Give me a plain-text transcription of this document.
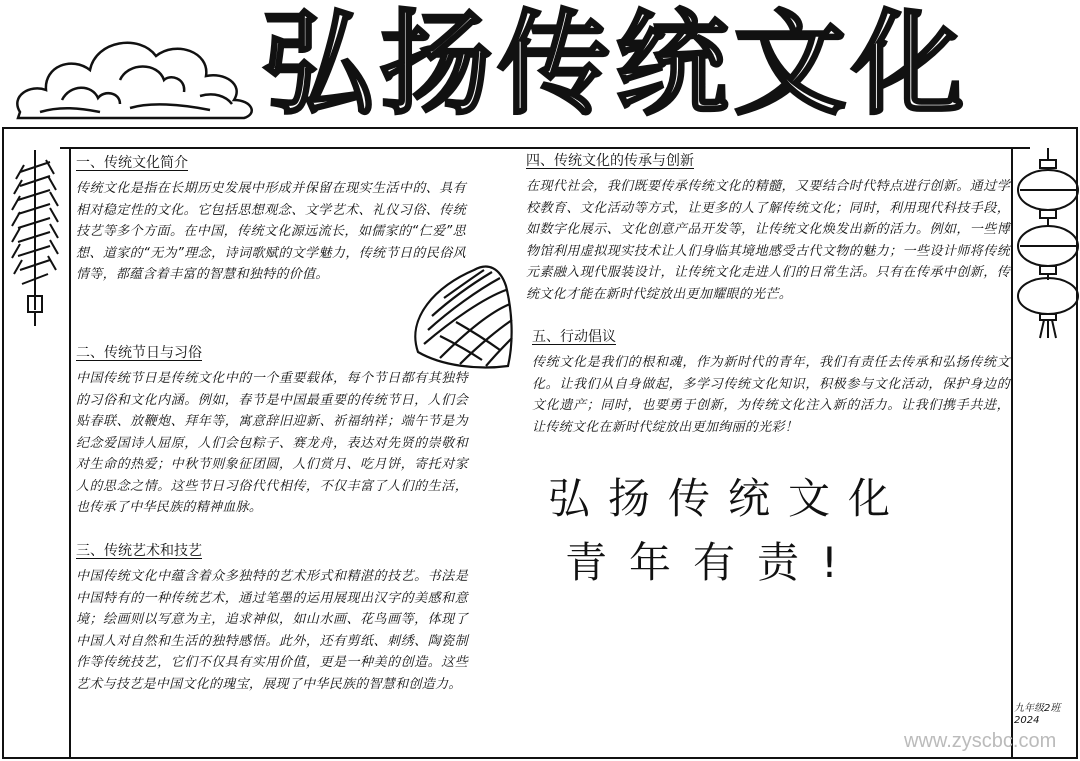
弘 扬 传 统 文 化
一、传统文化简介

传统文化是指在长期历史发展中形成并保留在现实生活中的、具有相对稳定性的文化。它包括思想观念、文学艺术、礼仪习俗、传统技艺等多个方面。在中国，传统文化源远流长，如儒家的“仁爱”思想、道家的“无为”理念，诗词歌赋的文学魅力，传统节日的民俗风情等，都蕴含着丰富的智慧和独特的价值。

二、传统节日与习俗

中国传统节日是传统文化中的一个重要载体，每个节日都有其独特的习俗和文化内涵。例如，春节是中国最重要的传统节日，人们会贴春联、放鞭炮、拜年等，寓意辞旧迎新、祈福纳祥；端午节是为纪念爱国诗人屈原，人们会包粽子、赛龙舟，表达对先贤的崇敬和对生命的热爱；中秋节则象征团圆，人们赏月、吃月饼，寄托对家人的思念之情。这些节日习俗代代相传，不仅丰富了人们的生活，也传承了中华民族的精神血脉。

三、传统艺术和技艺

中国传统文化中蕴含着众多独特的艺术形式和精湛的技艺。书法是中国特有的一种传统艺术，通过笔墨的运用展现出汉字的美感和意境；绘画则以写意为主，追求神似，如山水画、花鸟画等，体现了中国人对自然和生活的独特感悟。此外，还有剪纸、刺绣、陶瓷制作等传统技艺，它们不仅具有实用价值，更是一种美的创造。这些艺术与技艺是中国文化的瑰宝，展现了中华民族的智慧和创造力。

四、传统文化的传承与创新

在现代社会，我们既要传承传统文化的精髓，又要结合时代特点进行创新。通过学校教育、文化活动等方式，让更多的人了解传统文化；同时，利用现代科技手段，如数字化展示、文化创意产品开发等，让传统文化焕发出新的活力。例如，一些博物馆利用虚拟现实技术让人们身临其境地感受古代文物的魅力；一些设计师将传统元素融入现代服装设计，让传统文化走进人们的日常生活。只有在传承中创新，传统文化才能在新时代绽放出更加耀眼的光芒。

五、行动倡议

传统文化是我们的根和魂，作为新时代的青年，我们有责任去传承和弘扬传统文化。让我们从自身做起，多学习传统文化知识，积极参与文化活动，保护身边的文化遗产；同时，也要勇于创新，为传统文化注入新的活力。让我们携手共进，让传统文化在新时代绽放出更加绚丽的光彩！

弘扬传统文化
青年有责!
九年级2班 2024
www.zyscbc.com
